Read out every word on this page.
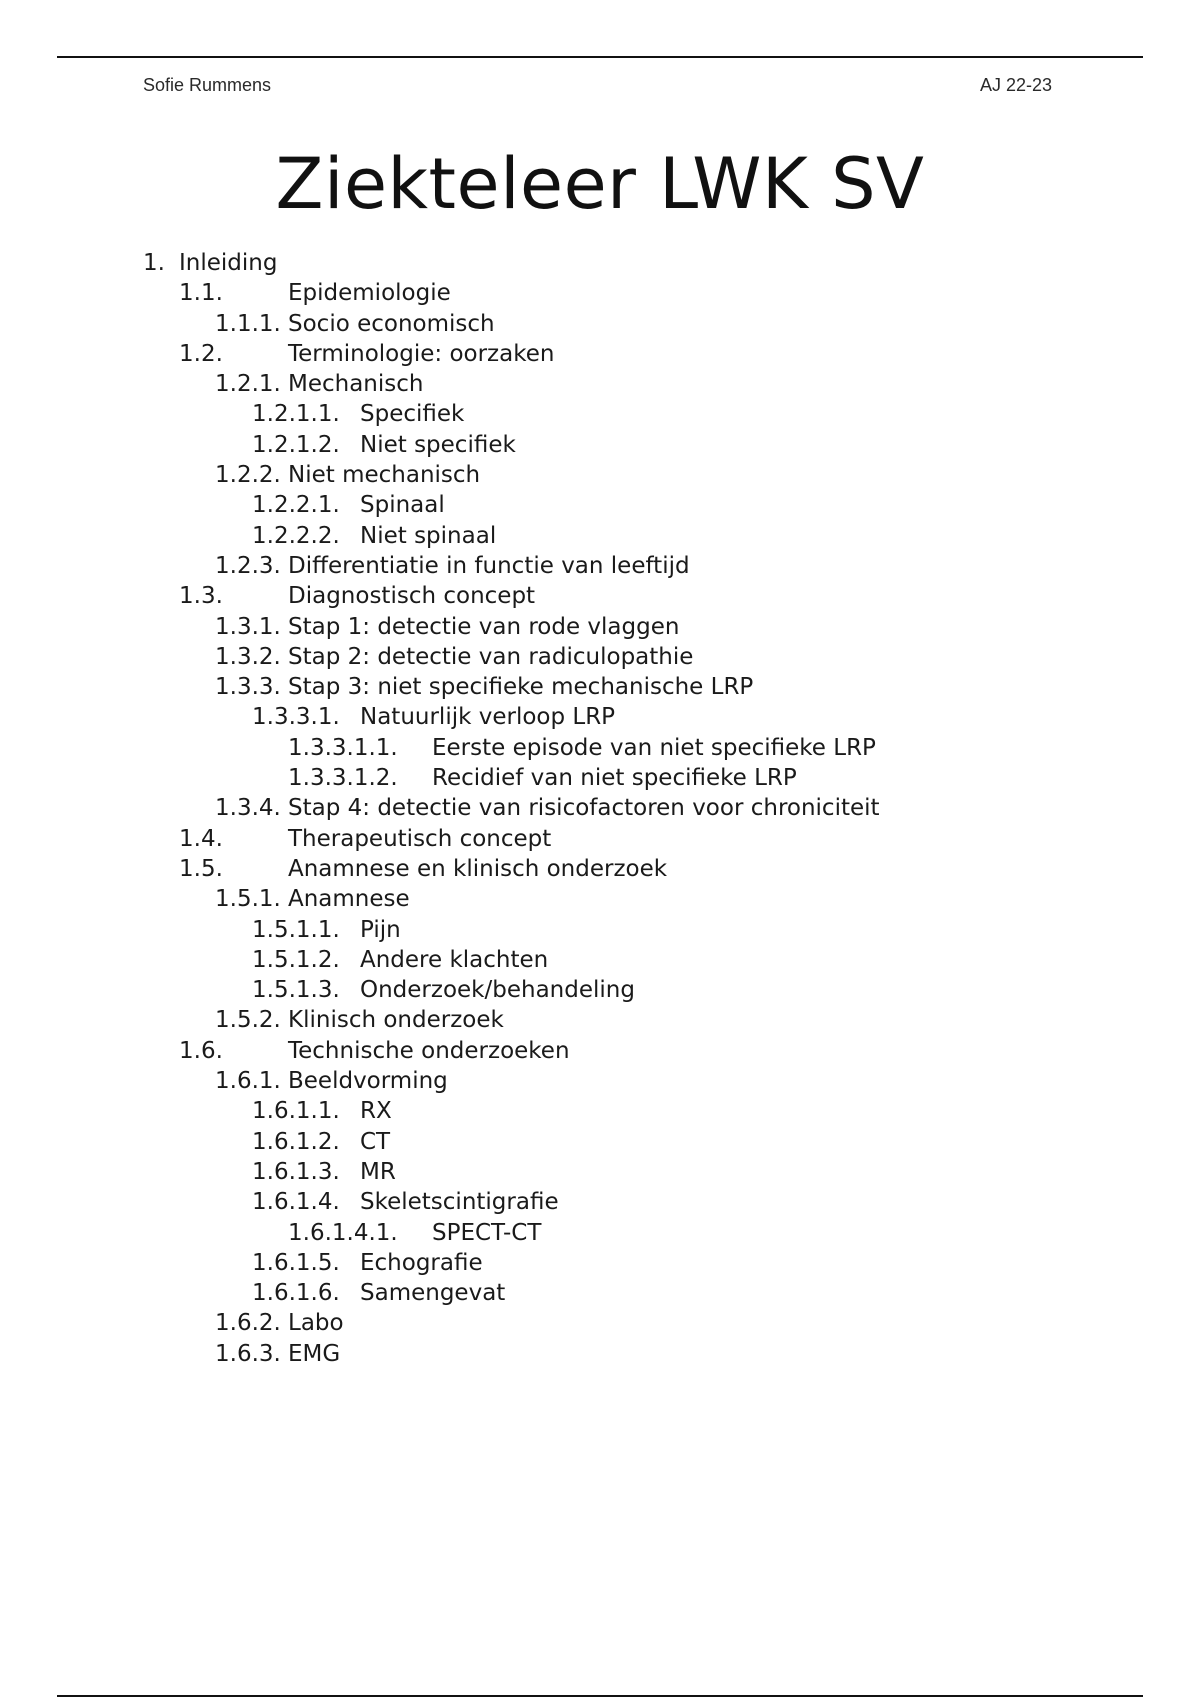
Sofie Rummens	AJ 22-23
Ziekteleer LWK SV
1. Inleiding
1.1.	Epidemiologie
1.1.1. Socio economisch
1.2.	Terminologie: oorzaken
1.2.1. Mechanisch
1.2.1.1. Specifiek
1.2.1.2. Niet specifiek
1.2.2. Niet mechanisch
1.2.2.1. Spinaal
1.2.2.2. Niet spinaal
1.2.3. Differentiatie in functie van leeftijd
1.3.	Diagnostisch concept
1.3.1. Stap 1: detectie van rode vlaggen
1.3.2. Stap 2: detectie van radiculopathie
1.3.3. Stap 3: niet specifieke mechanische LRP
1.3.3.1. Natuurlijk verloop LRP
1.3.3.1.1. Eerste episode van niet specifieke LRP
1.3.3.1.2. Recidief van niet specifieke LRP
1.3.4. Stap 4: detectie van risicofactoren voor chroniciteit
1.4.	Therapeutisch concept
1.5.	Anamnese en klinisch onderzoek
1.5.1. Anamnese
1.5.1.1. Pijn
1.5.1.2. Andere klachten
1.5.1.3. Onderzoek/behandeling
1.5.2. Klinisch onderzoek
1.6.	Technische onderzoeken
1.6.1. Beeldvorming
1.6.1.1. RX
1.6.1.2. CT
1.6.1.3. MR
1.6.1.4. Skeletscintigrafie
1.6.1.4.1. SPECT-CT
1.6.1.5. Echografie
1.6.1.6. Samengevat
1.6.2. Labo
1.6.3. EMG
